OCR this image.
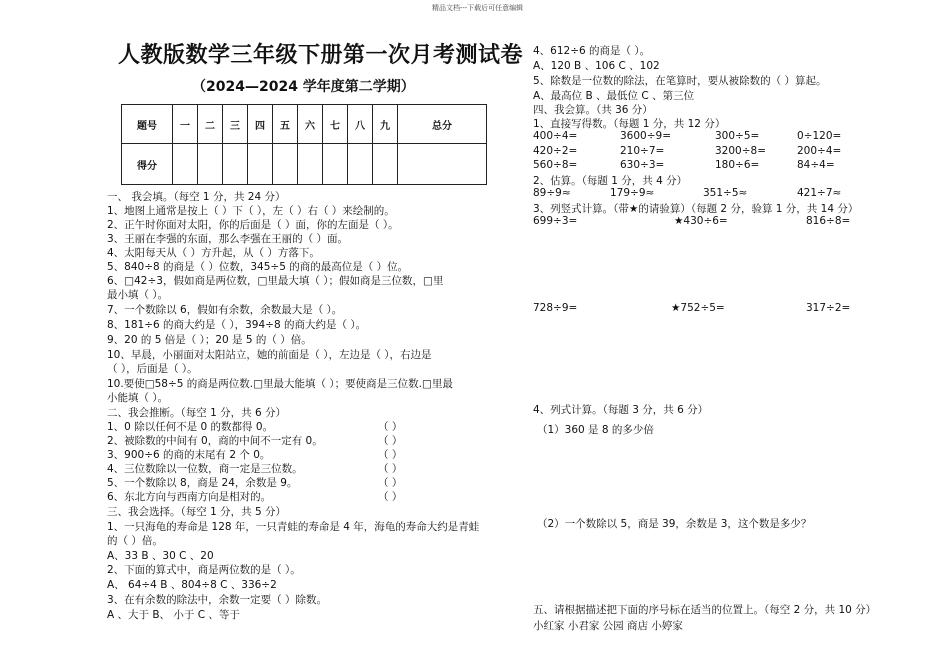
精品文档---下载后可任意编辑
人教版数学三年级下册第一次月考测试卷
（2024—2024 学年度第二学期）
题号	一	二	三	四	五	六	七	八	九	总分
得分										
一、 我会填。（每空 1 分，共 24 分）
1、地图上通常是按上（ ）下（ ），左（ ）右（ ）来绘制的。
2、正午时你面对太阳，你的后面是（ ）面，你的左面是（ ）。
3、王丽在李强的东面，那么李强在王丽的（ ）面。
4、太阳每天从（ ）方升起，从（ ）方落下。
5、840÷8 的商是（ ）位数，345÷5 的商的最高位是（ ）位。
6、□42÷3，假如商是两位数，□里最大填（ ）；假如商是三位数，□里
最小填（ ）。
7、一个数除以 6，假如有余数，余数最大是（ ）。
8、181÷6 的商大约是（ ），394÷8 的商大约是（ ）。
9、20 的 5 倍是（ ）；20 是 5 的（ ）倍。
10、早晨，小丽面对太阳站立，她的前面是（ ），左边是（ ），右边是
（ ），后面是（ ）。
10.要使□58÷5 的商是两位数.□里最大能填（ ）；要使商是三位数.□里最
小能填（ ）。
二、我会推断。（每空 1 分，共 6 分）
1、0 除以任何不是 0 的数都得 0。	（ ）
2、被除数的中间有 0，商的中间不一定有 0。	（ ）
3、900÷6 的商的末尾有 2 个 0。	（ ）
4、三位数除以一位数，商一定是三位数。	（ ）
5、一个数除以 8，商是 24，余数是 9。	（ ）
6、东北方向与西南方向是相对的。	（ ）
三、我会选择。（每空 1 分，共 5 分）
1、一只海龟的寿命是 128 年，一只青蛙的寿命是 4 年，海龟的寿命大约是青蛙
的（ ）倍。
A、33 B 、30 C 、20
2、下面的算式中，商是两位数的是（ ）。
A、 64÷4 B 、804÷8 C 、336÷2
3、在有余数的除法中，余数一定要（ ）除数。
A 、大于 B、 小于 C 、等于
4、612÷6 的商是（ ）。
A、120 B 、106 C 、102
5、除数是一位数的除法，在笔算时，要从被除数的（ ）算起。
A、最高位 B 、最低位 C 、第三位
四、我会算。（共 36 分）
1、直接写得数。（每题 1 分，共 12 分）
400÷4=	3600÷9=	300÷5=	0÷120=
420÷2=	210÷7=	3200÷8=	200÷4=
560÷8=	630÷3=	180÷6=	84÷4=
2、估算。（每题 1 分，共 4 分）
89÷9≈	179÷9≈	351÷5≈	421÷7≈
3、列竖式计算。（带★的请验算）（每题 2 分，验算 1 分，共 14 分）
699÷3=	★430÷6=	816÷8=
728÷9=	★752÷5=	317÷2=
4、列式计算。（每题 3 分，共 6 分）
（1）360 是 8 的多少倍
（2）一个数除以 5，商是 39，余数是 3，这个数是多少？
五、请根据描述把下面的序号标在适当的位置上。（每空 2 分，共 10 分）
小红家 小君家 公园 商店 小婷家
